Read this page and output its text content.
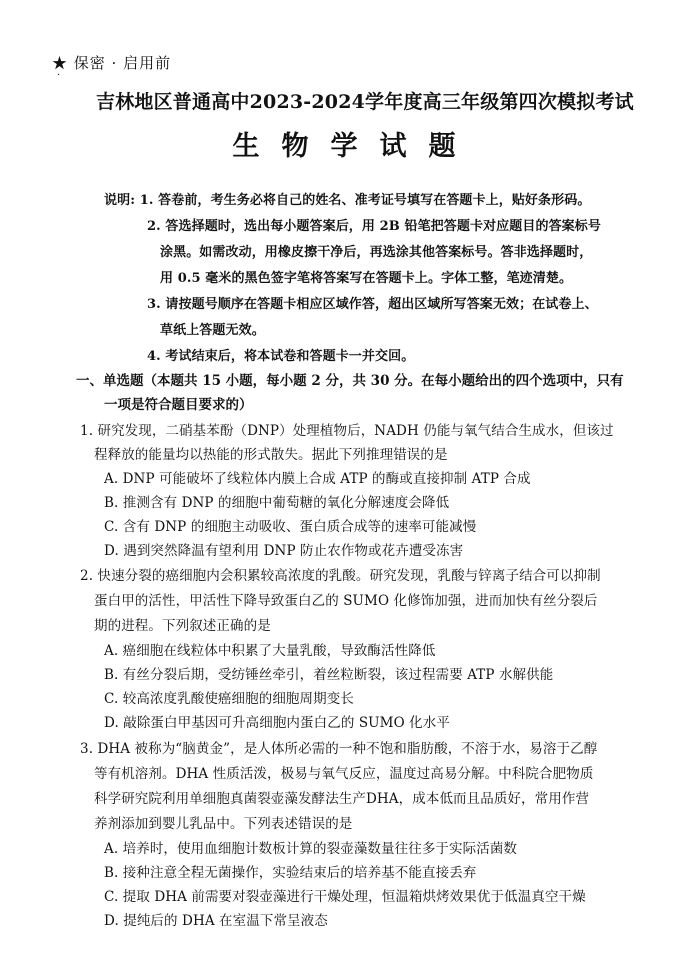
★ 保密 · 启用前
·
吉林地区普通高中2023-2024学年度高三年级第四次模拟考试
生物学试题
说明: 1. 答卷前，考生务必将自己的姓名、准考证号填写在答题卡上，贴好条形码。
2. 答选择题时，选出每小题答案后，用 2B 铅笔把答题卡对应题目的答案标号
涂黑。如需改动，用橡皮擦干净后，再选涂其他答案标号。答非选择题时，
用 0.5 毫米的黑色签字笔将答案写在答题卡上。字体工整，笔迹清楚。
3. 请按题号顺序在答题卡相应区域作答，超出区域所写答案无效；在试卷上、
草纸上答题无效。
4. 考试结束后，将本试卷和答题卡一并交回。
一、单选题（本题共 15 小题，每小题 2 分，共 30 分。在每小题给出的四个选项中，只有
一项是符合题目要求的）
1. 研究发现，二硝基苯酚（DNP）处理植物后，NADH 仍能与氧气结合生成水，但该过
程释放的能量均以热能的形式散失。据此下列推理错误的是
A. DNP 可能破坏了线粒体内膜上合成 ATP 的酶或直接抑制 ATP 合成
B. 推测含有 DNP 的细胞中葡萄糖的氧化分解速度会降低
C. 含有 DNP 的细胞主动吸收、蛋白质合成等的速率可能减慢
D. 遇到突然降温有望利用 DNP 防止农作物或花卉遭受冻害
2. 快速分裂的癌细胞内会积累较高浓度的乳酸。研究发现，乳酸与锌离子结合可以抑制
蛋白甲的活性，甲活性下降导致蛋白乙的 SUMO 化修饰加强，进而加快有丝分裂后
期的进程。下列叙述正确的是
A. 癌细胞在线粒体中积累了大量乳酸，导致酶活性降低
B. 有丝分裂后期，受纺锤丝牵引，着丝粒断裂，该过程需要 ATP 水解供能
C. 较高浓度乳酸使癌细胞的细胞周期变长
D. 敲除蛋白甲基因可升高细胞内蛋白乙的 SUMO 化水平
3. DHA 被称为“脑黄金”，是人体所必需的一种不饱和脂肪酸，不溶于水，易溶于乙醇
等有机溶剂。DHA 性质活泼，极易与氧气反应，温度过高易分解。中科院合肥物质
科学研究院利用单细胞真菌裂壶藻发酵法生产DHA，成本低而且品质好，常用作营
养剂添加到婴儿乳品中。下列表述错误的是
A. 培养时，使用血细胞计数板计算的裂壶藻数量往往多于实际活菌数
B. 接种注意全程无菌操作，实验结束后的培养基不能直接丢弃
C. 提取 DHA 前需要对裂壶藻进行干燥处理，恒温箱烘烤效果优于低温真空干燥
D. 提纯后的 DHA 在室温下常呈液态
